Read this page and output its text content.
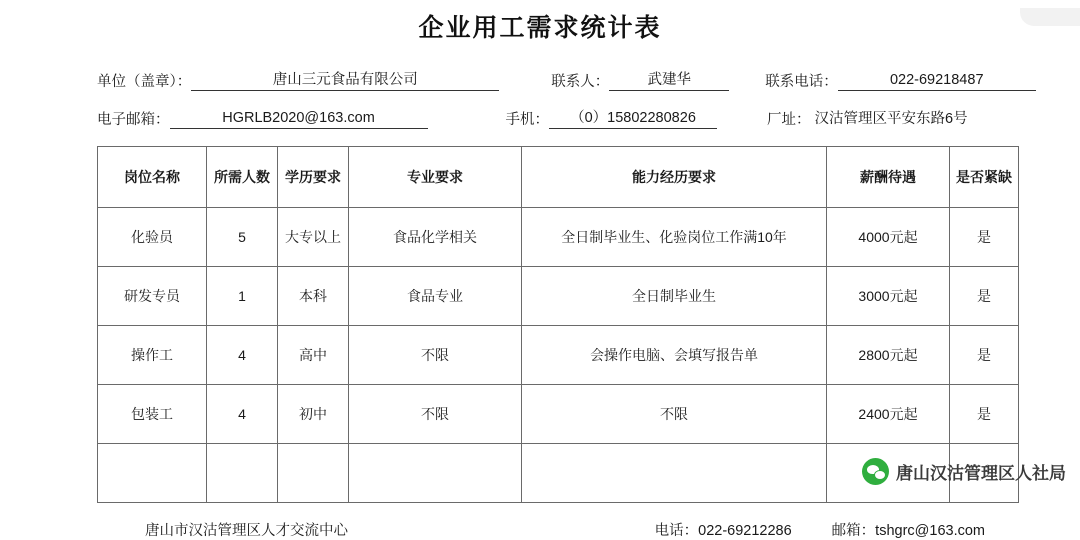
企业用工需求统计表
单位（盖章）：	唐山三元食品有限公司	联系人：	武建华	联系电话：	022-69218487
电子邮箱：	HGRLB2020@163.com	手机：	（0）15802280826	厂址： 汉沽管理区平安东路6号
岗位名称	所需人数	学历要求	专业要求	能力经历要求	薪酬待遇	是否紧缺
化验员	5	大专以上	食品化学相关	全日制毕业生、化验岗位工作满10年	4000元起	是
研发专员	1	本科	食品专业	全日制毕业生	3000元起	是
操作工	4	高中	不限	会操作电脑、会填写报告单	2800元起	是
包装工	4	初中	不限	不限	2400元起	是

唐山市汉沽管理区人才交流中心	电话：022-69212286	邮箱：tshgrc@163.com
唐山汉沽管理区人社局
